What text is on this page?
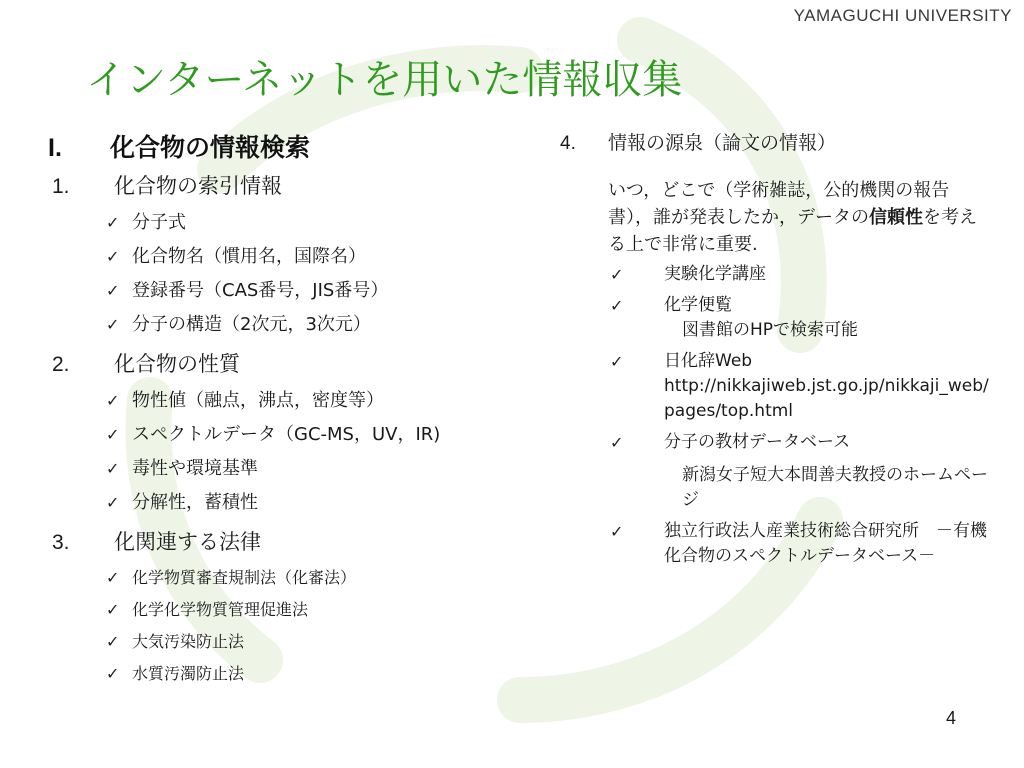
YAMAGUCHI UNIVERSITY
インターネットを用いた情報収集
I.	化合物の情報検索
1.	化合物の索引情報
✓ 分子式
✓ 化合物名（慣用名，国際名）
✓ 登録番号（CAS番号，JIS番号）
✓ 分子の構造（2次元，3次元）
2.	化合物の性質
✓ 物性値（融点，沸点，密度等）
✓ スペクトルデータ（GC-MS，UV，IR)
✓ 毒性や環境基準
✓ 分解性，蓄積性
3.	化関連する法律
✓ 化学物質審査規制法（化審法）
✓ 化学化学物質管理促進法
✓ 大気汚染防止法
✓ 水質汚濁防止法
4.	情報の源泉（論文の情報）
いつ，どこで（学術雑誌，公的機関の報告書），誰が発表したか，データの信頼性を考える上で非常に重要.
✓	実験化学講座
✓	化学便覧
図書館のHPで検索可能
✓	日化辞Web
http://nikkajiweb.jst.go.jp/nikkaji_web/pages/top.html
✓	分子の教材データベース
新潟女子短大本間善夫教授のホームページ
✓	独立行政法人産業技術総合研究所　－有機化合物のスペクトルデータベース－
4
